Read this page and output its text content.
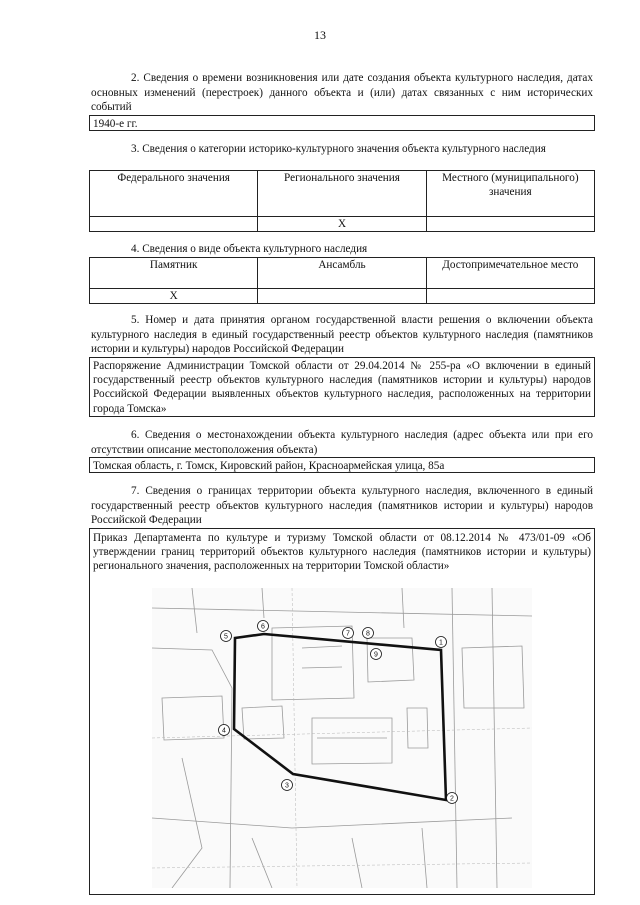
13
2. Сведения о времени возникновения или дате создания объекта культурного наследия, датах основных изменений (перестроек) данного объекта и (или) датах связанных с ним исторических событий
1940-е гг.
3. Сведения о категории историко-культурного значения объекта культурного наследия
Федерального значения	Регионального значения	Местного (муниципального) значения
	Х	
4. Сведения о виде объекта культурного наследия
Памятник	Ансамбль	Достопримечательное место
Х		
5. Номер и дата принятия органом государственной власти решения о включении объекта культурного наследия в единый государственный реестр объектов культурного наследия (памятников истории и культуры) народов Российской Федерации
Распоряжение Администрации Томской области от 29.04.2014 № 255-ра «О включении в единый государственный реестр объектов культурного наследия (памятников истории и культуры) народов Российской Федерации выявленных объектов культурного наследия, расположенных на территории города Томска»
6. Сведения о местонахождении объекта культурного наследия (адрес объекта или при его отсутствии описание местоположения объекта)
Томская область, г. Томск, Кировский район, Красноармейская улица, 85а
7. Сведения о границах территории объекта культурного наследия, включенного в единый государственный реестр объектов культурного наследия (памятников истории и культуры) народов Российской Федерации
Приказ Департамента по культуре и туризму Томской области от 08.12.2014 № 473/01-09 «Об утверждении границ территорий объектов культурного наследия (памятников истории и культуры) регионального значения, расположенных на территории Томской области»
1
2
3
4
5
6
7 8
9
